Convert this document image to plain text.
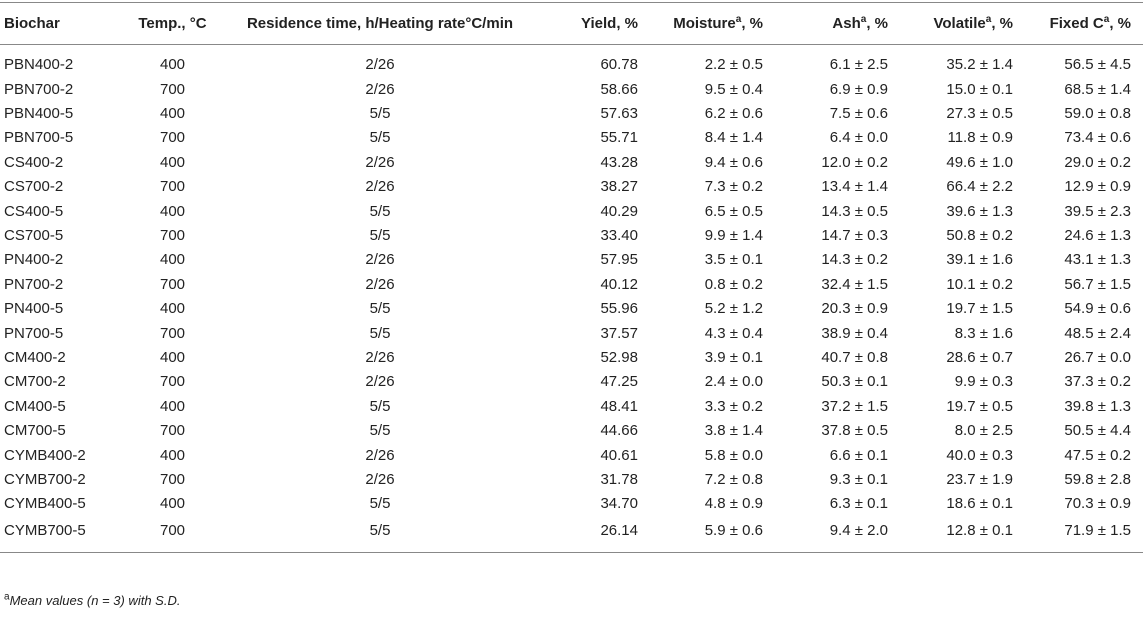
Biochar	Temp., °C	Residence time, h/Heating rate°C/min	Yield, %	Moisture$^a$, %	Ash$^a$, %	Volatile$^a$, %	Fixed $C^a$, %
PBN400-2	400	2/26	60.78	2.2 ± 0.5	6.1 ± 2.5	35.2 ± 1.4	56.5 ± 4.5
PBN700-2	700	2/26	58.66	9.5 ± 0.4	6.9 ± 0.9	15.0 ± 0.1	68.5 ± 1.4
PBN400-5	400	5/5	57.63	6.2 ± 0.6	7.5 ± 0.6	27.3 ± 0.5	59.0 ± 0.8
PBN700-5	700	5/5	55.71	8.4 ± 1.4	6.4 ± 0.0	11.8 ± 0.9	73.4 ± 0.6
CS400-2	400	2/26	43.28	9.4 ± 0.6	12.0 ± 0.2	49.6 ± 1.0	29.0 ± 0.2
CS700-2	700	2/26	38.27	7.3 ± 0.2	13.4 ± 1.4	66.4 ± 2.2	12.9 ± 0.9
CS400-5	400	5/5	40.29	6.5 ± 0.5	14.3 ± 0.5	39.6 ± 1.3	39.5 ± 2.3
CS700-5	700	5/5	33.40	9.9 ± 1.4	14.7 ± 0.3	50.8 ± 0.2	24.6 ± 1.3
PN400-2	400	2/26	57.95	3.5 ± 0.1	14.3 ± 0.2	39.1 ± 1.6	43.1 ± 1.3
PN700-2	700	2/26	40.12	0.8 ± 0.2	32.4 ± 1.5	10.1 ± 0.2	56.7 ± 1.5
PN400-5	400	5/5	55.96	5.2 ± 1.2	20.3 ± 0.9	19.7 ± 1.5	54.9 ± 0.6
PN700-5	700	5/5	37.57	4.3 ± 0.4	38.9 ± 0.4	8.3 ± 1.6	48.5 ± 2.4
CM400-2	400	2/26	52.98	3.9 ± 0.1	40.7 ± 0.8	28.6 ± 0.7	26.7 ± 0.0
CM700-2	700	2/26	47.25	2.4 ± 0.0	50.3 ± 0.1	9.9 ± 0.3	37.3 ± 0.2
CM400-5	400	5/5	48.41	3.3 ± 0.2	37.2 ± 1.5	19.7 ± 0.5	39.8 ± 1.3
CM700-5	700	5/5	44.66	3.8 ± 1.4	37.8 ± 0.5	8.0 ± 2.5	50.5 ± 4.4
CYMB400-2	400	2/26	40.61	5.8 ± 0.0	6.6 ± 0.1	40.0 ± 0.3	47.5 ± 0.2
CYMB700-2	700	2/26	31.78	7.2 ± 0.8	9.3 ± 0.1	23.7 ± 1.9	59.8 ± 2.8
CYMB400-5	400	5/5	34.70	4.8 ± 0.9	6.3 ± 0.1	18.6 ± 0.1	70.3 ± 0.9
CYMB700-5	700	5/5	26.14	5.9 ± 0.6	9.4 ± 2.0	12.8 ± 0.1	71.9 ± 1.5
$^a$Mean values (n = 3) with S.D.
